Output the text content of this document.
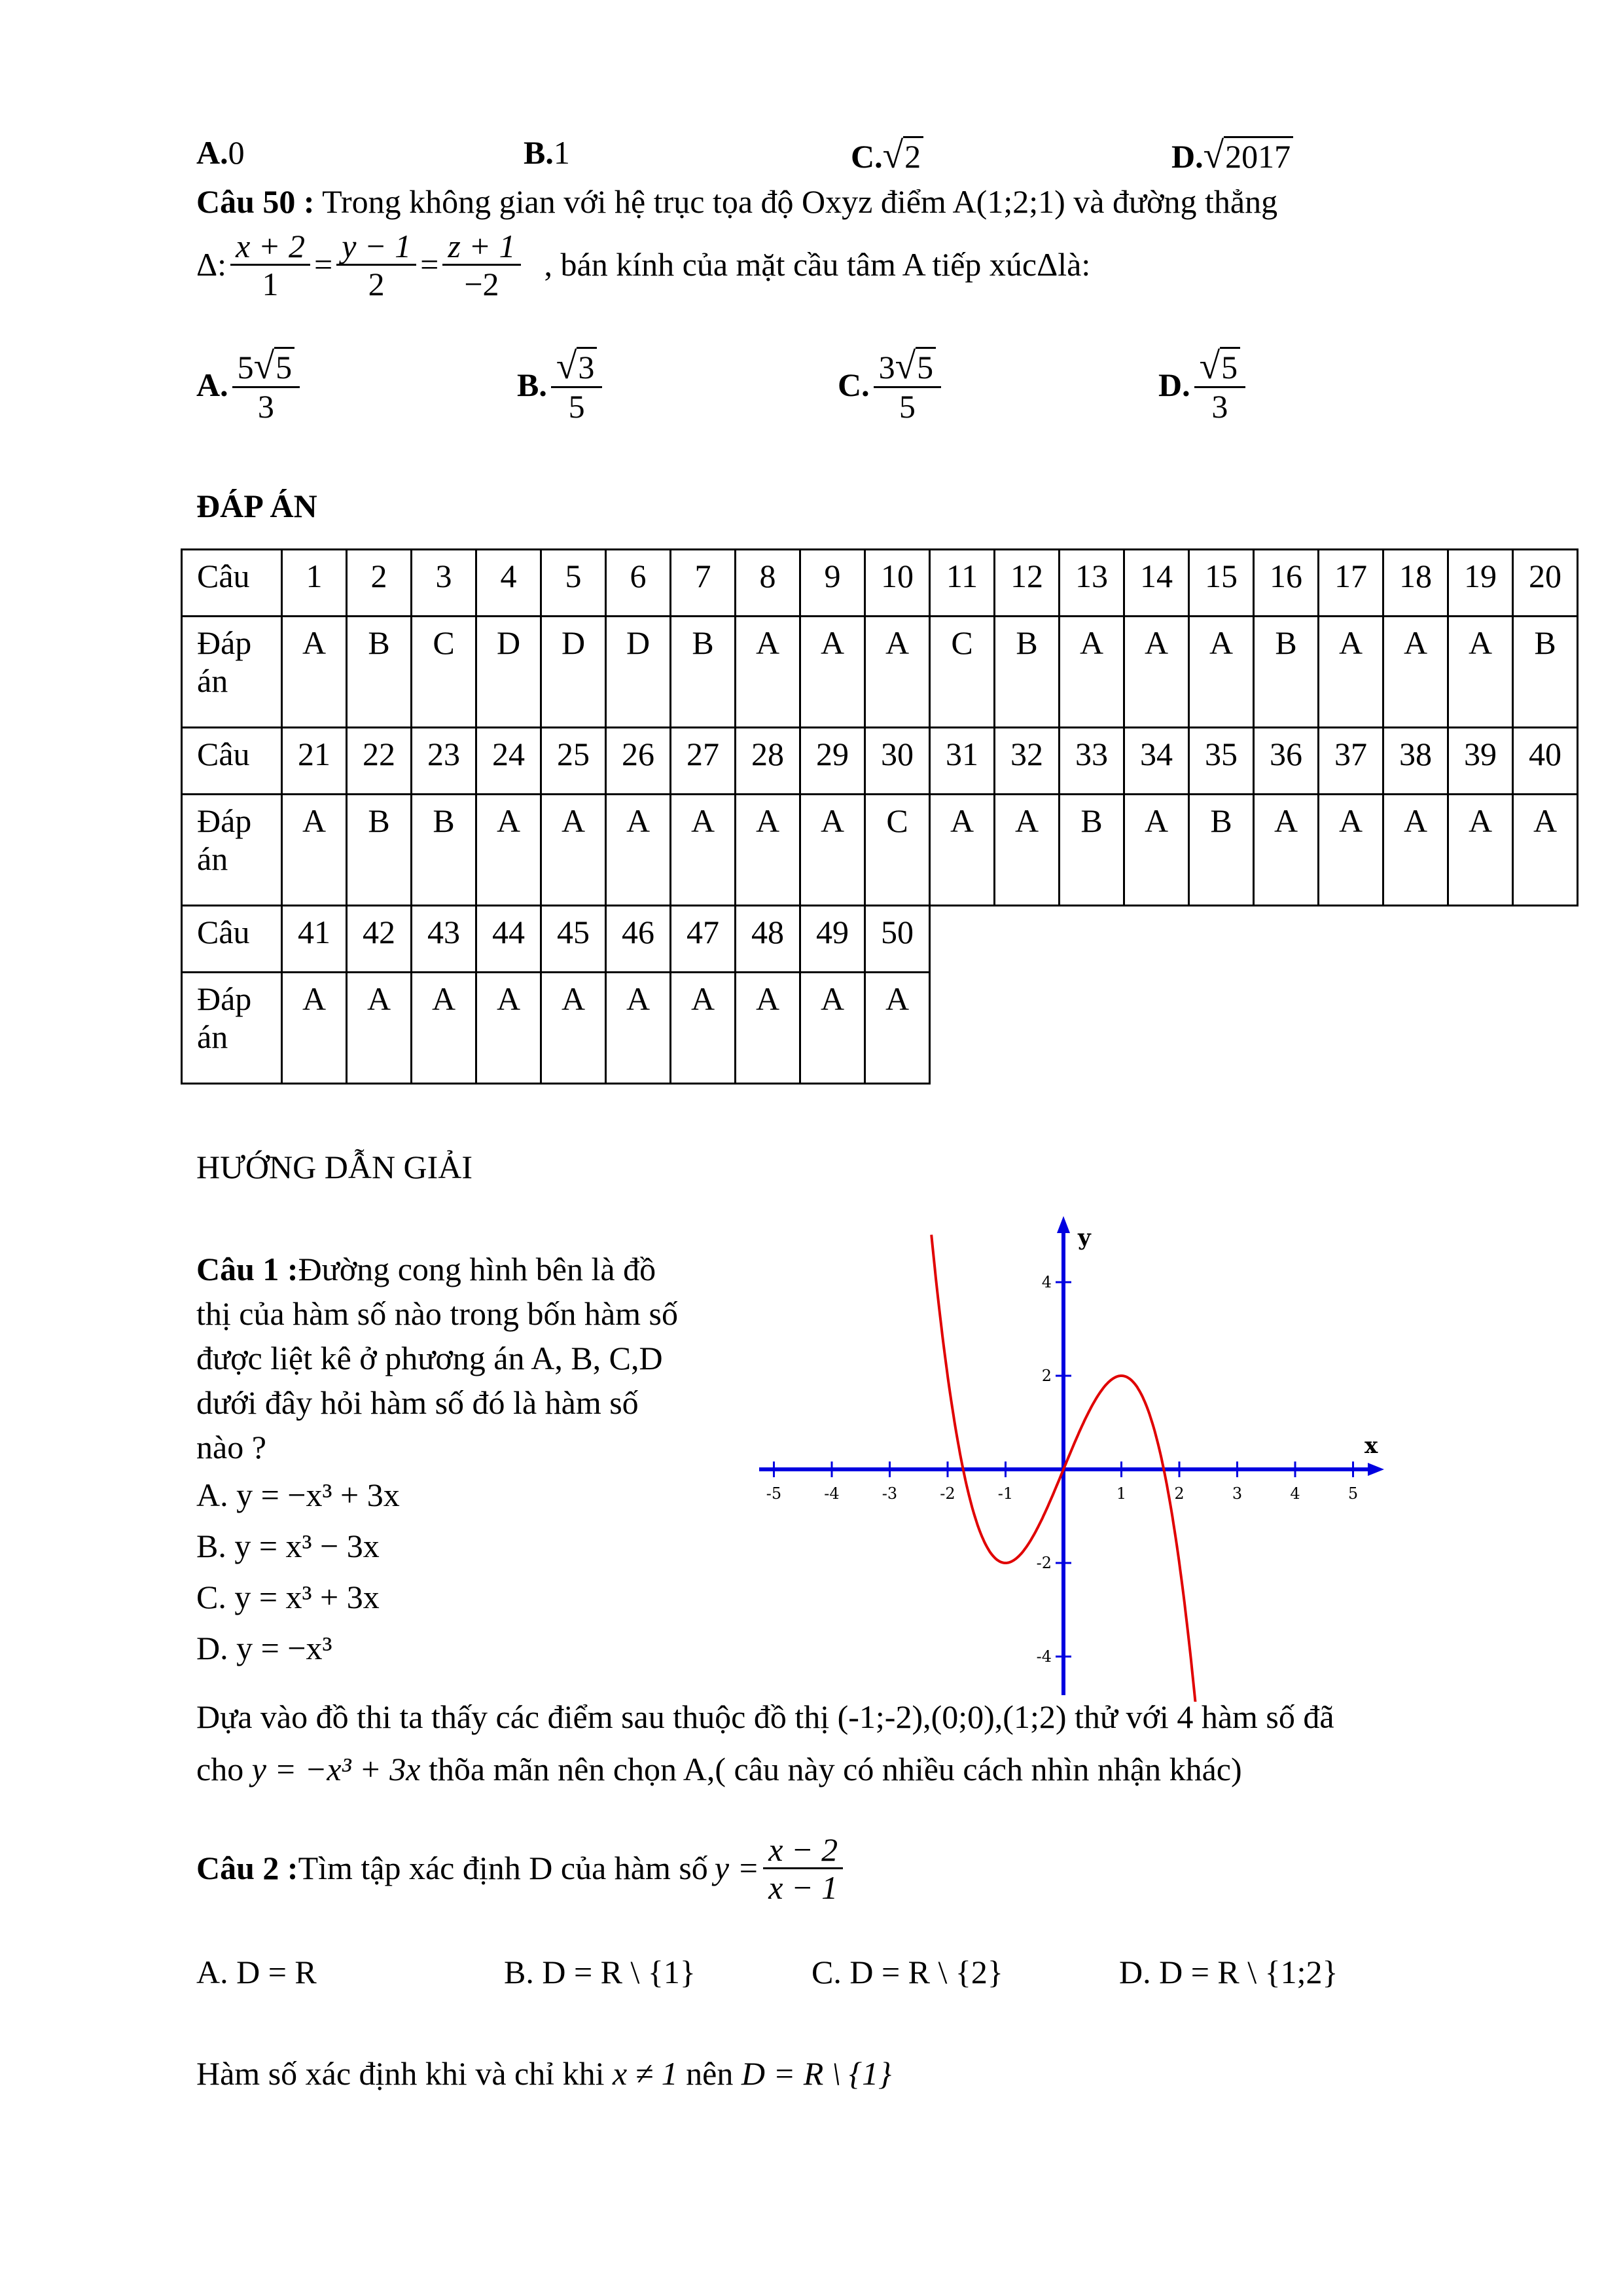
A.0	B.1	C.√2	D.√2017
Câu 50 : Trong không gian với hệ trục tọa độ Oxyz điểm A(1;2;1) và đường thẳng
Δ : $\frac{x + 2}{1} = \frac{y - 1}{2} = \frac{z + 1}{-2}$ , bán kính của mặt cầu tâm A tiếp xúc Δ là:
A. $\frac{5√5}{3}$	B. $\frac{√3}{5}$	C. $\frac{3√5}{5}$	D. $\frac{√5}{3}$
ĐÁP ÁN
Câu	1	2	3	4	5	6	7	8	9	10	11	12	13	14	15	16	17	18	19	20
Đáp án	A	B	C	D	D	D	B	A	A	A	C	B	A	A	A	B	A	A	A	B
Câu	21	22	23	24	25	26	27	28	29	30	31	32	33	34	35	36	37	38	39	40
Đáp án	A	B	B	A	A	A	A	A	A	C	A	A	B	A	B	A	A	A	A	A
Câu	41	42	43	44	45	46	47	48	49	50										
Đáp án	A	A	A	A	A	A	A	A	A	A										
HƯỚNG DẪN GIẢI
Câu 1 :Đường cong hình bên là đồ
thị của hàm số nào trong bốn hàm số
được liệt kê ở phương án A, B, C,D
dưới đây hỏi hàm số đó là hàm số
nào ?
A. y = −x³ + 3x
B. y = x³ − 3x
C. y = x³ + 3x
D. y = −x³
-5	-4	-3	-2	-1	1	2	3	4	5
4
2
-2
-4
x
y
Dựa vào đồ thi ta thấy các điểm sau thuộc đồ thị (-1;-2),(0;0),(1;2) thử với 4 hàm số đã
cho y = −x³ + 3x thõa mãn nên chọn A,( câu này có nhiều cách nhìn nhận khác)
Câu 2 : Tìm tập xác định D của hàm số $y = \frac{x - 2}{x - 1}$
A. D = R	B. D = R \ {1}	C. D = R \ {2}	D. D = R \ {1;2}
Hàm số xác định khi và chỉ khi x ≠ 1 nên D = R \ {1}
